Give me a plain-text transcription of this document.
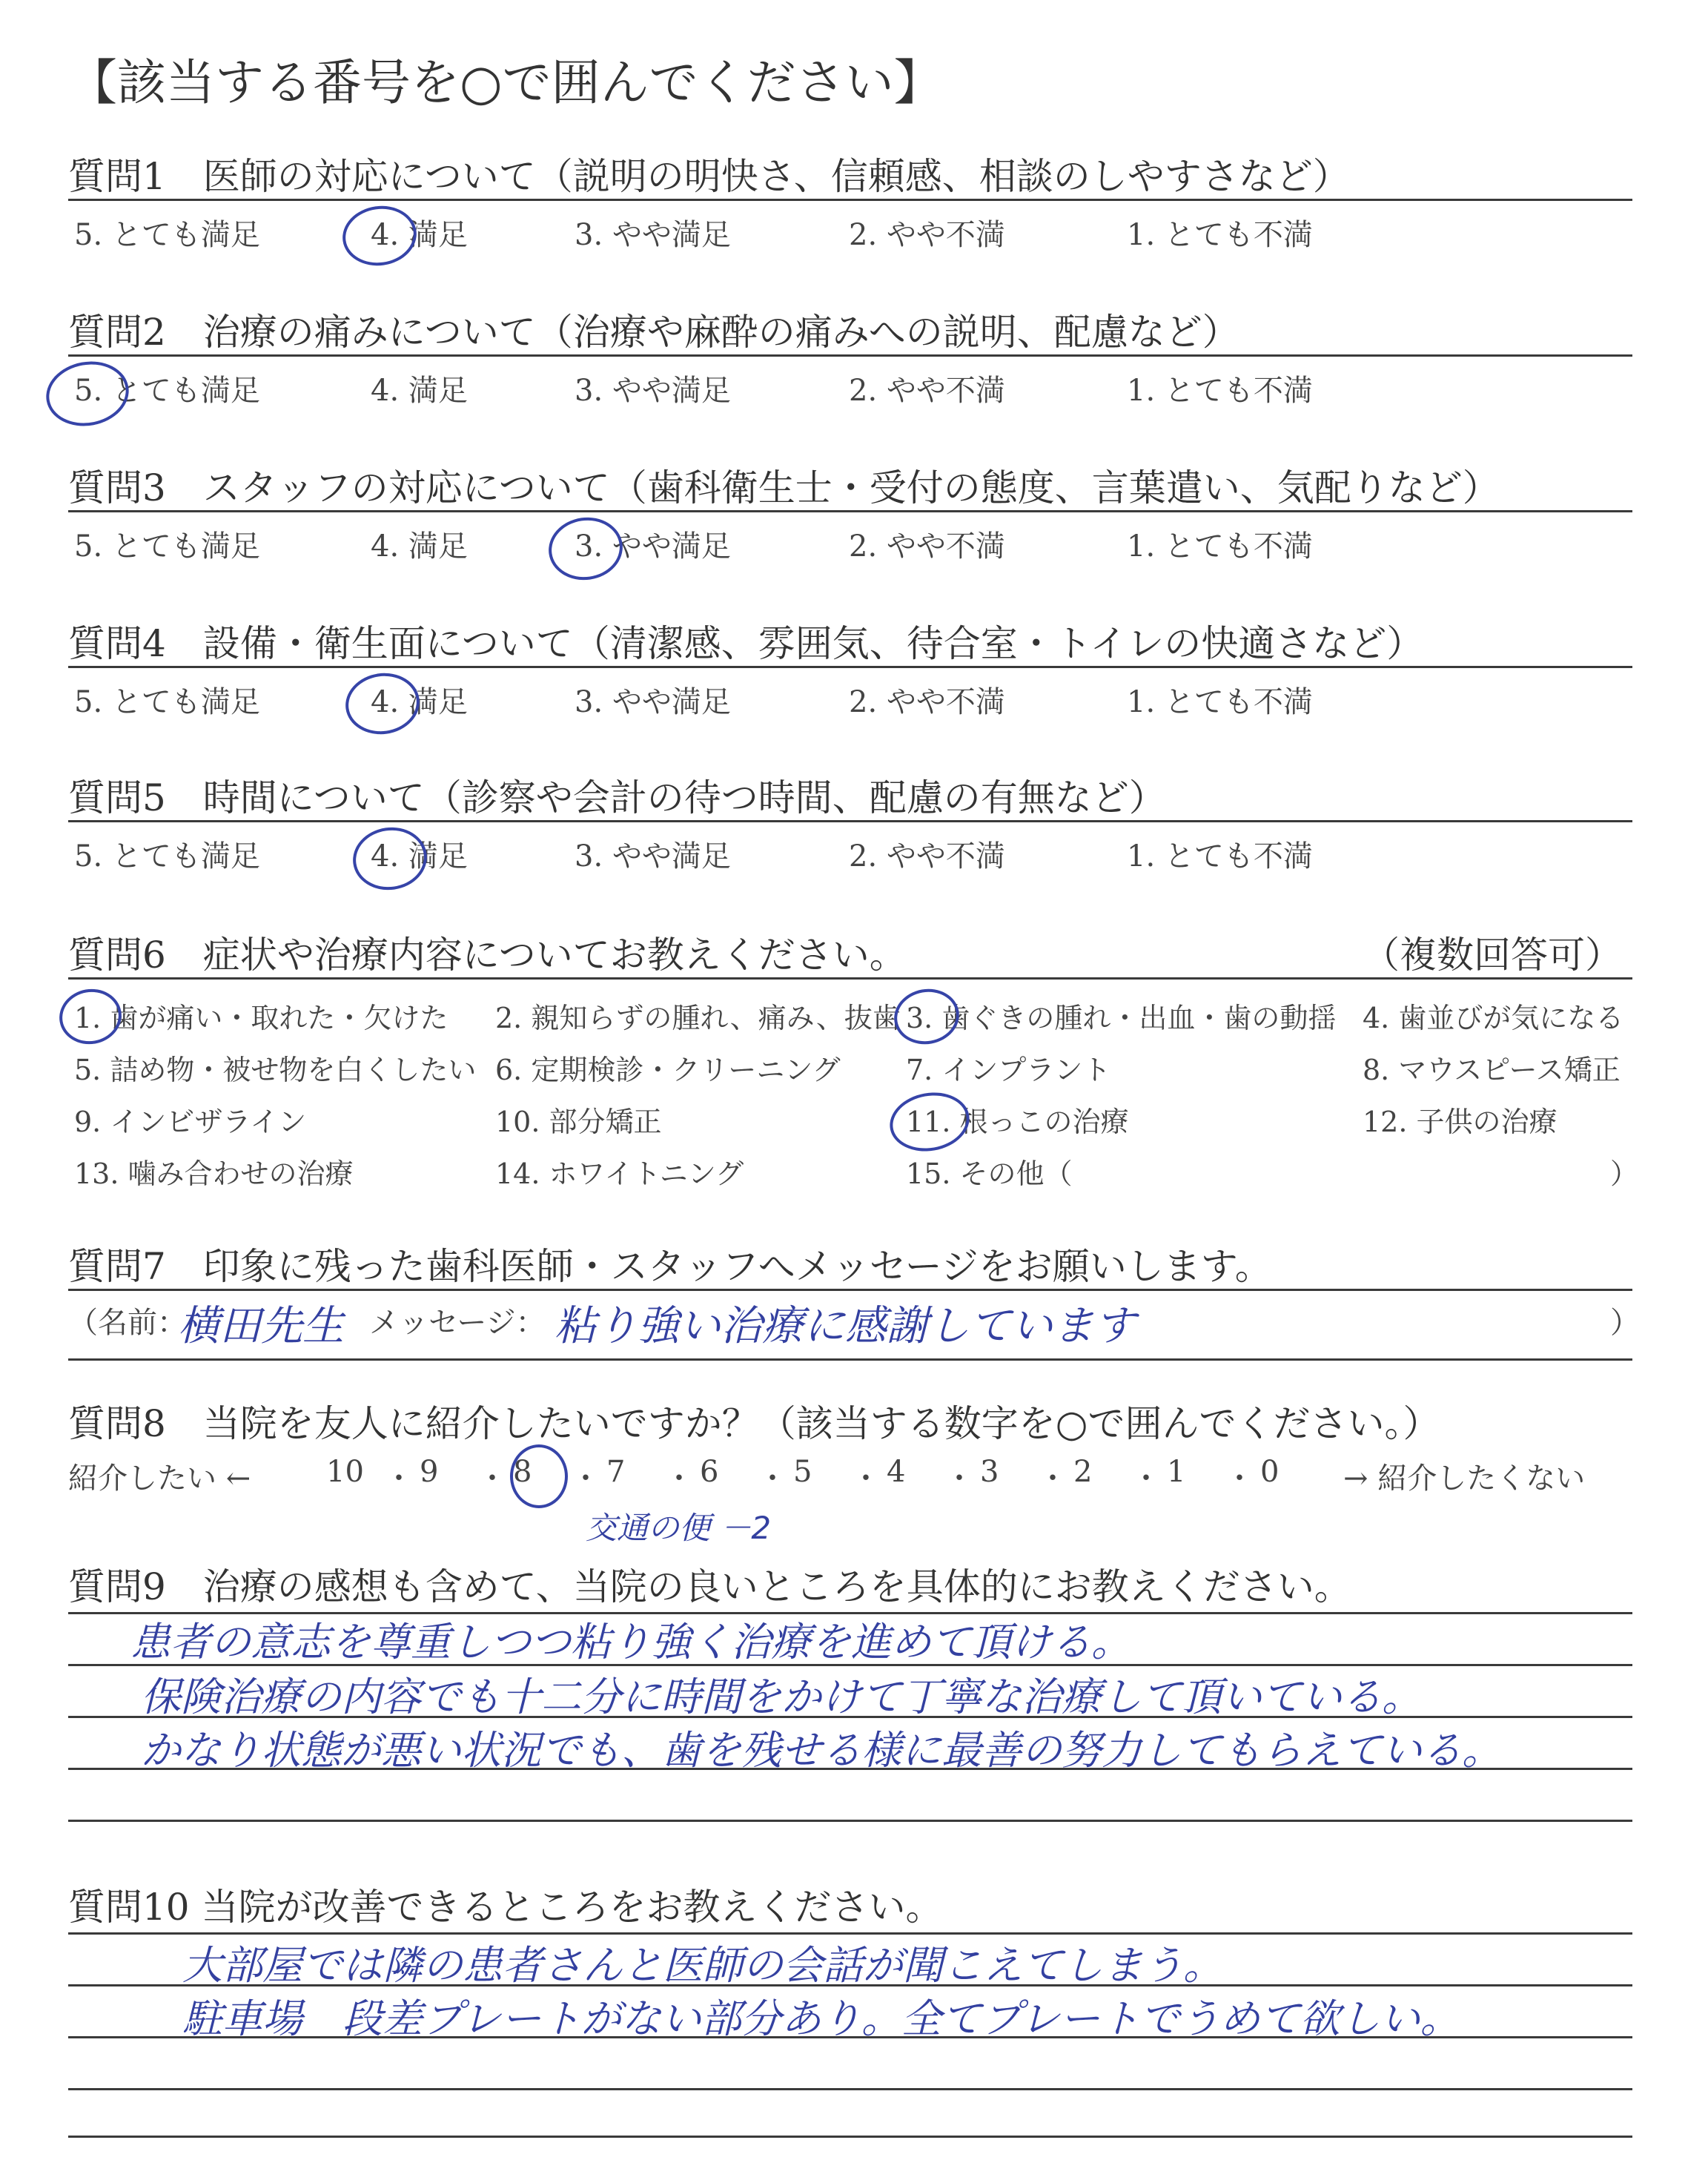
【該当する番号を○で囲んでください】
質問1　医師の対応について（説明の明快さ、信頼感、相談のしやすさなど）
5. とても満足	4. 満足	3. やや満足	2. やや不満	1. とても不満
質問2　治療の痛みについて（治療や麻酔の痛みへの説明、配慮など）
5. とても満足	4. 満足	3. やや満足	2. やや不満	1. とても不満
質問3　スタッフの対応について（歯科衛生士・受付の態度、言葉遣い、気配りなど）
5. とても満足	4. 満足	3. やや満足	2. やや不満	1. とても不満
質問4　設備・衛生面について（清潔感、雰囲気、待合室・トイレの快適さなど）
5. とても満足	4. 満足	3. やや満足	2. やや不満	1. とても不満
質問5　時間について（診察や会計の待つ時間、配慮の有無など）
5. とても満足	4. 満足	3. やや満足	2. やや不満	1. とても不満
質問6　症状や治療内容についてお教えください。	（複数回答可）
1. 歯が痛い・取れた・欠けた 2. 親知らずの腫れ、痛み、抜歯 3. 歯ぐきの腫れ・出血・歯の動揺 4. 歯並びが気になる
5. 詰め物・被せ物を白くしたい 6. 定期検診・クリーニング 7. インプラント	8. マウスピース矯正
9. インビザライン	10. 部分矯正	11. 根っこの治療	12. 子供の治療
13. 噛み合わせの治療	14. ホワイトニング	15. その他（	）
質問7　印象に残った歯科医師・スタッフへメッセージをお願いします。
（名前：
横田先生 メッセージ： 粘り強い治療に感謝しています	）
質問8　当院を友人に紹介したいですか？（該当する数字を○で囲んでください。）
紹介したい ←	10 ・ 9 ・ 8 ・ 7 ・ 6 ・ 5 ・ 4 ・ 3 ・ 2 ・ 1 ・ 0 → 紹介したくない
交通の便 －2
質問9　治療の感想も含めて、当院の良いところを具体的にお教えください。
患者の意志を尊重しつつ粘り強く治療を進めて頂ける。
保険治療の内容でも十二分に時間をかけて丁寧な治療して頂いている。
かなり状態が悪い状況でも、歯を残せる様に最善の努力してもらえている。
質問10 当院が改善できるところをお教えください。
大部屋では隣の患者さんと医師の会話が聞こえてしまう。
駐車場　段差プレートがない部分あり。全てプレートでうめて欲しい。
